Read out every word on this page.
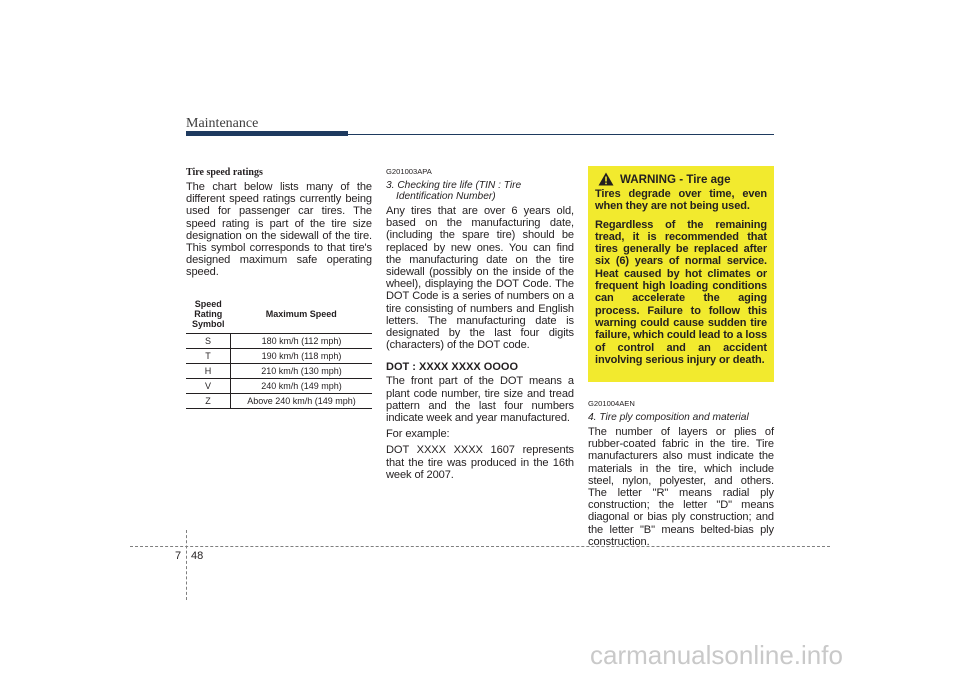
Maintenance
Tire speed ratings

The chart below lists many of the different speed ratings currently being used for passenger car tires. The speed rating is part of the tire size designation on the sidewall of the tire. This symbol corresponds to that tire's designed maximum safe operating speed.

Speed
Rating
Symbol	Maximum Speed
S	180 km/h (112 mph)
T	190 km/h (118 mph)
H	210 km/h (130 mph)
V	240 km/h (149 mph)
Z	Above 240 km/h (149 mph)
G201003APA
3. Checking tire life (TIN : Tire
Identification Number)

Any tires that are over 6 years old, based on the manufacturing date, (including the spare tire) should be replaced by new ones. You can find the manufacturing date on the tire sidewall (possibly on the inside of the wheel), displaying the DOT Code. The DOT Code is a series of numbers on a tire consisting of numbers and English letters. The manufacturing date is designated by the last four digits (characters) of the DOT code.

DOT : XXXX XXXX OOOO

The front part of the DOT means a plant code number, tire size and tread pattern and the last four numbers indicate week and year manufactured.

For example:

DOT XXXX XXXX 1607 represents that the tire was produced in the 16th week of 2007.

WARNING - Tire age

Tires degrade over time, even when they are not being used.

Regardless of the remaining tread, it is recommended that tires generally be replaced after six (6) years of normal service. Heat caused by hot climates or frequent high loading conditions can accelerate the aging process. Failure to follow this warning could cause sudden tire failure, which could lead to a loss of control and an accident involving serious injury or death.

G201004AEN
4. Tire ply composition and material

The number of layers or plies of rubber-coated fabric in the tire. Tire manufacturers also must indicate the materials in the tire, which include steel, nylon, polyester, and others. The letter "R" means radial ply construction; the letter "D" means diagonal or bias ply construction; and the letter "B" means belted-bias ply construction.

7 48
carmanualsonline.info
